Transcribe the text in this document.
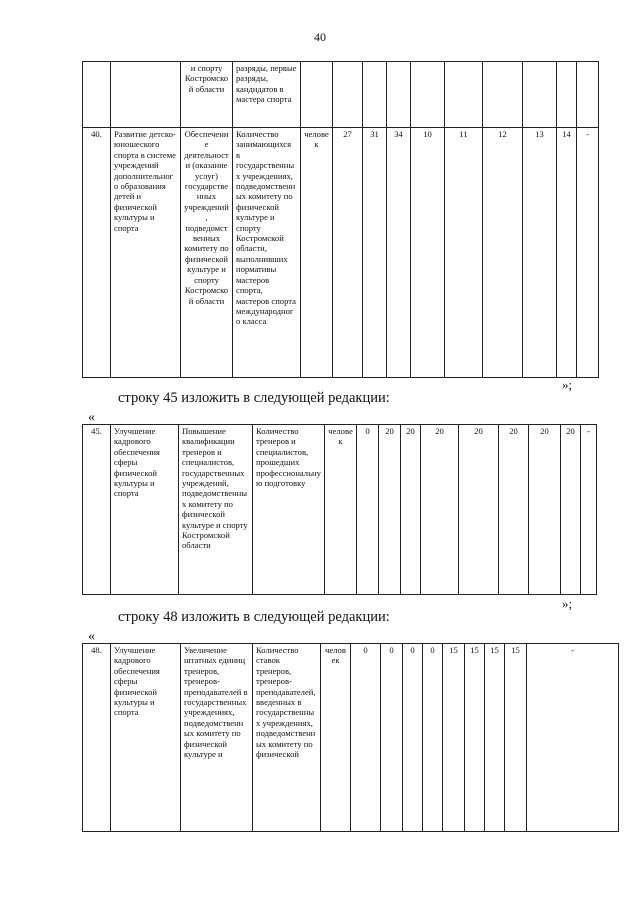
40
		и спорту Костромской области	разряды, первые разряды, кандидатов в мастера спорта										
40.	Развитие детско-юношеского спорта в системе учреждений дополнительного образования детей и физической культуры и спорта	Обеспечение деятельности (оказание услуг) государственных учреждений, подведомственных комитету по физической культуре и спорту Костромской области	Количество занимающихся в государственных учреждениях, подведомственных комитету по физической культуре и спорту Костромской области, выполнивших нормативы мастеров спорта, мастеров спорта международного класса	человек	27	31	34	10	11	12	13	14	-
»;
строку 45 изложить в следующей редакции:
«
45.	Улучшение кадрового обеспечения сферы физической культуры и спорта	Повышение квалификации тренеров и специалистов, государственных учреждений, подведомственных комитету по физической культуре и спорту Костромской области	Количество тренеров и специалистов, прошедших профессиональную подготовку	человек	0	20	20	20	20	20	20	20	-
»;
строку 48 изложить в следующей редакции:
«
48.	Улучшение кадрового обеспечения сферы физической культуры и спорта	Увеличение штатных единиц тренеров, тренеров-преподавателей в государственных учреждениях, подведомственных комитету по физической культуре и	Количество ставок тренеров, тренеров-преподавателей, введенных в государственных учреждениях, подведомственных комитету по физической	человек	0	0	0	0	15	15	15	15	-
